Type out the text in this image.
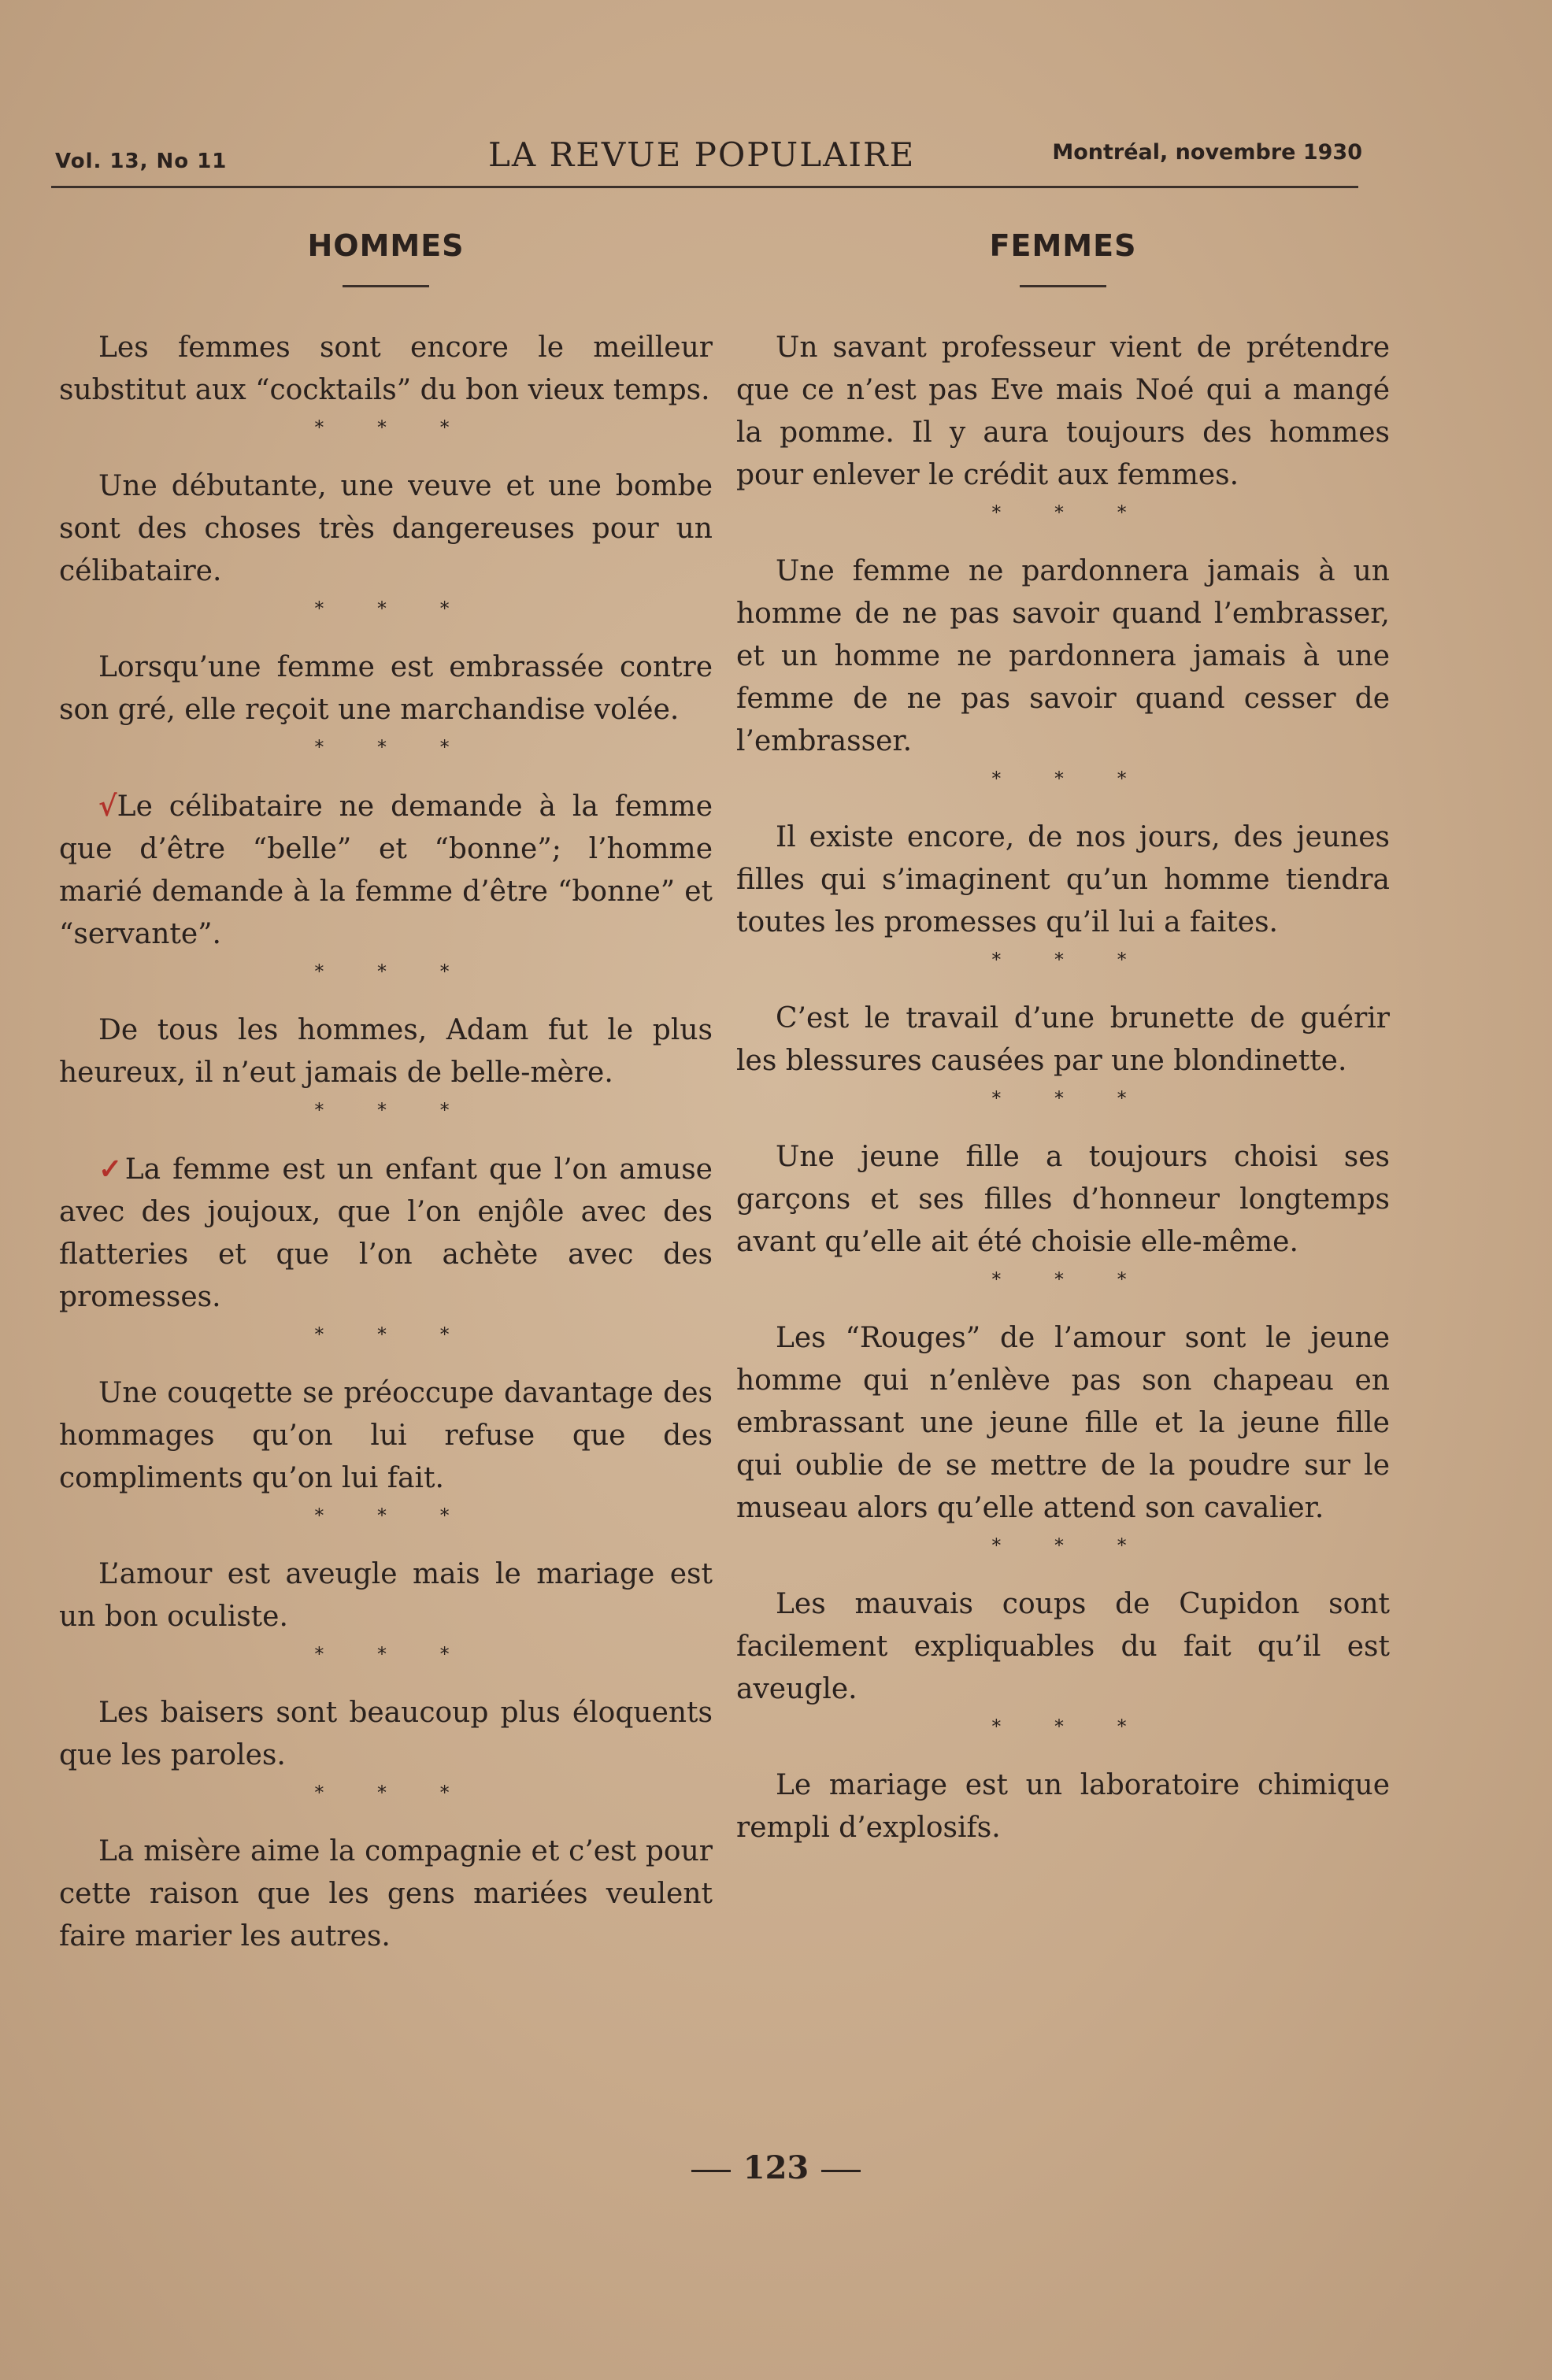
Vol. 13, No 11	LA REVUE POPULAIRE	Montréal, novembre 1930
HOMMES

Les femmes sont encore le meilleur substitut aux “cocktails” du bon vieux temps.

* * *

Une débutante, une veuve et une bombe sont des choses très dangereuses pour un célibataire.

* * *

Lorsqu’une femme est embrassée contre son gré, elle reçoit une marchandise volée.

* * *

√Le célibataire ne demande à la femme que d’être “belle” et “bonne”; l’homme marié demande à la femme d’être “bonne” et “servante”.

* * *

De tous les hommes, Adam fut le plus heureux, il n’eut jamais de belle-mère.

* * *

✓La femme est un enfant que l’on amuse avec des joujoux, que l’on enjôle avec des flatteries et que l’on achète avec des promesses.

* * *

Une couqette se préoccupe davantage des hommages qu’on lui refuse que des compliments qu’on lui fait.

* * *

L’amour est aveugle mais le mariage est un bon oculiste.

* * *

Les baisers sont beaucoup plus éloquents que les paroles.

* * *

La misère aime la compagnie et c’est pour cette raison que les gens mariées veulent faire marier les autres.

FEMMES

Un savant professeur vient de prétendre que ce n’est pas Eve mais Noé qui a mangé la pomme. Il y aura toujours des hommes pour enlever le crédit aux femmes.

* * *

Une femme ne pardonnera jamais à un homme de ne pas savoir quand l’embrasser, et un homme ne pardonnera jamais à une femme de ne pas savoir quand cesser de l’embrasser.

* * *

Il existe encore, de nos jours, des jeunes filles qui s’imaginent qu’un homme tiendra toutes les promesses qu’il lui a faites.

* * *

C’est le travail d’une brunette de guérir les blessures causées par une blondinette.

* * *

Une jeune fille a toujours choisi ses garçons et ses filles d’honneur longtemps avant qu’elle ait été choisie elle-même.

* * *

Les “Rouges” de l’amour sont le jeune homme qui n’enlève pas son chapeau en embrassant une jeune fille et la jeune fille qui oublie de se mettre de la poudre sur le museau alors qu’elle attend son cavalier.

* * *

Les mauvais coups de Cupidon sont facilement expliquables du fait qu’il est aveugle.

* * *

Le mariage est un laboratoire chimique rempli d’explosifs.

123
